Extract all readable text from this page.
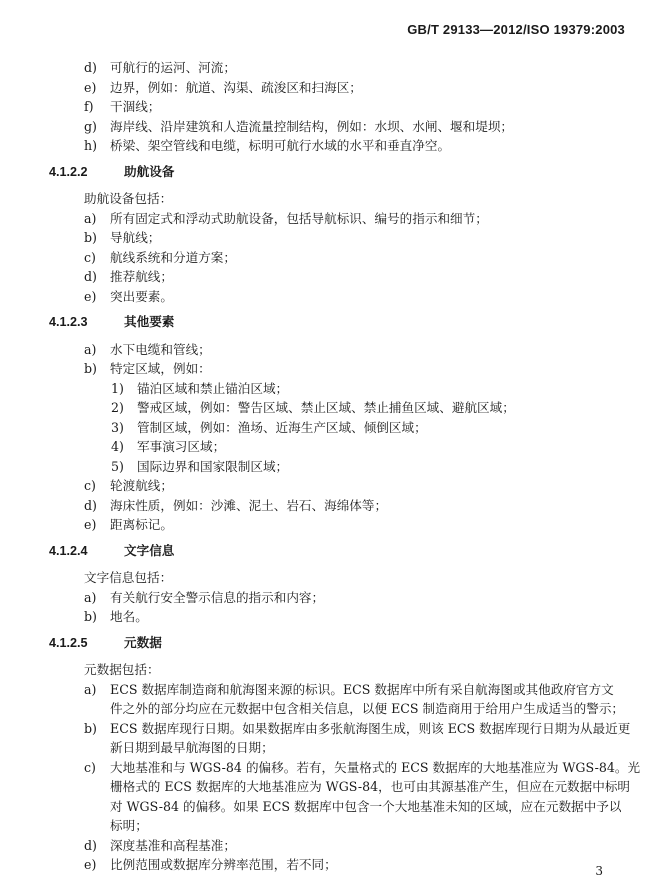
GB/T 29133—2012/ISO 19379:2003
d) 可航行的运河、河流；
e) 边界，例如：航道、沟渠、疏浚区和扫海区；
f) 干涸线；
g) 海岸线、沿岸建筑和人造流量控制结构，例如：水坝、水闸、堰和堤坝；
h) 桥梁、架空管线和电缆，标明可航行水域的水平和垂直净空。
4.1.2.2	助航设备
助航设备包括：
a) 所有固定式和浮动式助航设备，包括导航标识、编号的指示和细节；
b) 导航线；
c) 航线系统和分道方案；
d) 推荐航线；
e) 突出要素。
4.1.2.3	其他要素
a) 水下电缆和管线；
b) 特定区域，例如：
1) 锚泊区域和禁止锚泊区域；
2) 警戒区域，例如：警告区域、禁止区域、禁止捕鱼区域、避航区域；
3) 管制区域，例如：渔场、近海生产区域、倾倒区域；
4) 军事演习区域；
5) 国际边界和国家限制区域；
c) 轮渡航线；
d) 海床性质，例如：沙滩、泥土、岩石、海绵体等；
e) 距离标记。
4.1.2.4	文字信息
文字信息包括：
a) 有关航行安全警示信息的指示和内容；
b) 地名。
4.1.2.5	元数据
元数据包括：
a) ECS 数据库制造商和航海图来源的标识。ECS 数据库中所有采自航海图或其他政府官方文
件之外的部分均应在元数据中包含相关信息，以便 ECS 制造商用于给用户生成适当的警示；
b) ECS 数据库现行日期。如果数据库由多张航海图生成，则该 ECS 数据库现行日期为从最近更
新日期到最早航海图的日期；
c) 大地基准和与 WGS-84 的偏移。若有，矢量格式的 ECS 数据库的大地基准应为 WGS-84。光
栅格式的 ECS 数据库的大地基准应为 WGS-84，也可由其源基准产生，但应在元数据中标明
对 WGS-84 的偏移。如果 ECS 数据库中包含一个大地基准未知的区域，应在元数据中予以
标明；
d) 深度基准和高程基准；
e) 比例范围或数据库分辨率范围，若不同；	3
